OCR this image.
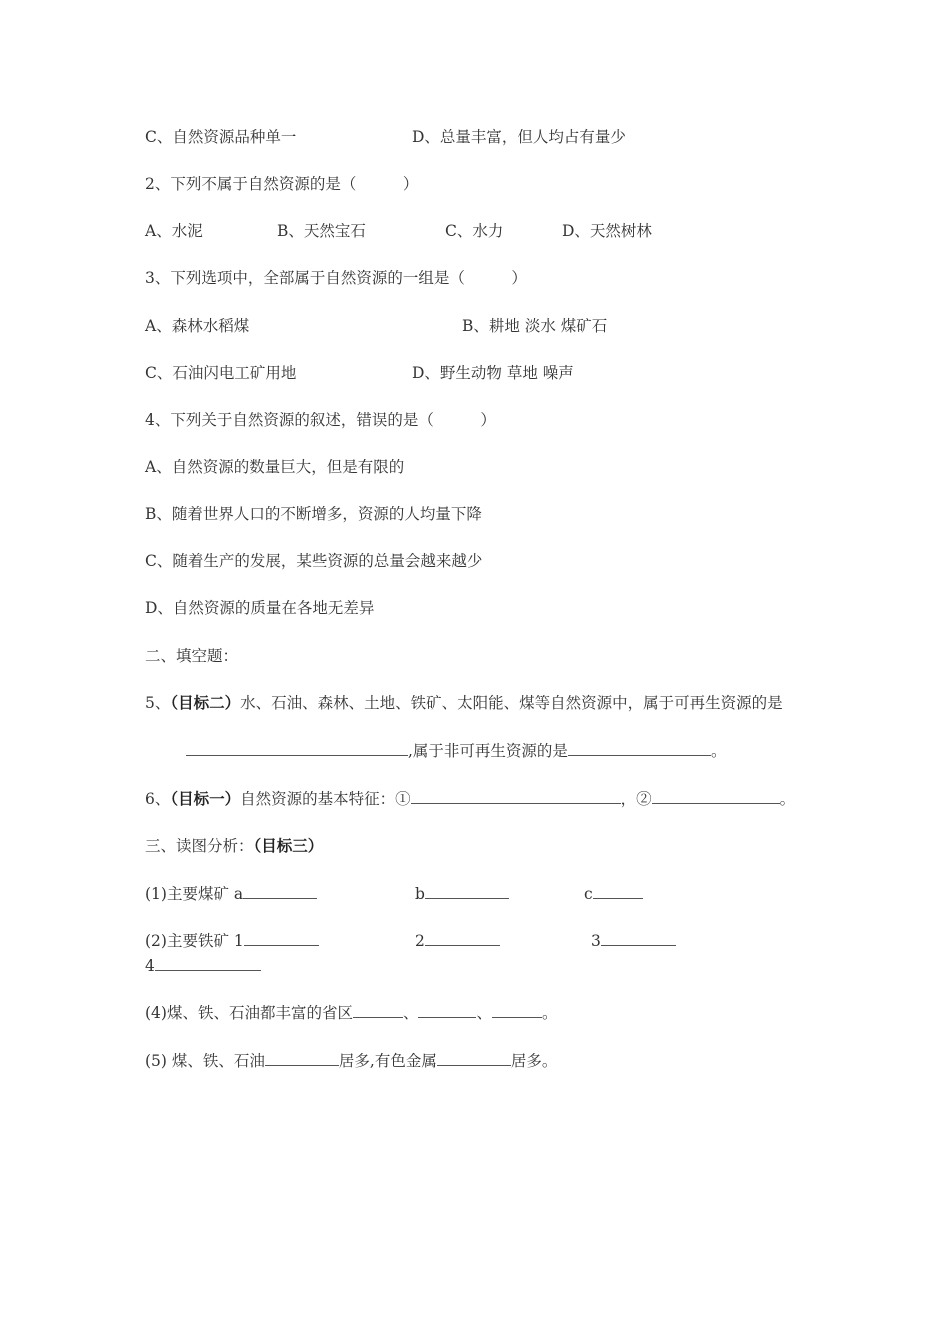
C、自然资源品种单一	D、总量丰富，但人均占有量少
2、下列不属于自然资源的是（　　　）
A、水泥	B、天然宝石	C、水力	D、天然树林
3、下列选项中，全部属于自然资源的一组是（　　　）
A、森林水稻煤	B、耕地 淡水 煤矿石
C、石油闪电工矿用地	D、野生动物 草地 噪声
4、下列关于自然资源的叙述，错误的是（　　　）
A、自然资源的数量巨大，但是有限的
B、随着世界人口的不断增多，资源的人均量下降
C、随着生产的发展，某些资源的总量会越来越少
D、自然资源的质量在各地无差异
二、填空题：
5、（目标二）水、石油、森林、土地、铁矿、太阳能、煤等自然资源中，属于可再生资源的是
,属于非可再生资源的是	。
6、（目标一）自然资源的基本特征：①	，②	。
三、读图分析：（目标三）
(1)主要煤矿 a	b	c
(2)主要铁矿 1	2	3
4
(4)煤、铁、石油都丰富的省区	、	、	。
(5) 煤、铁、石油	居多,有色金属	居多。
